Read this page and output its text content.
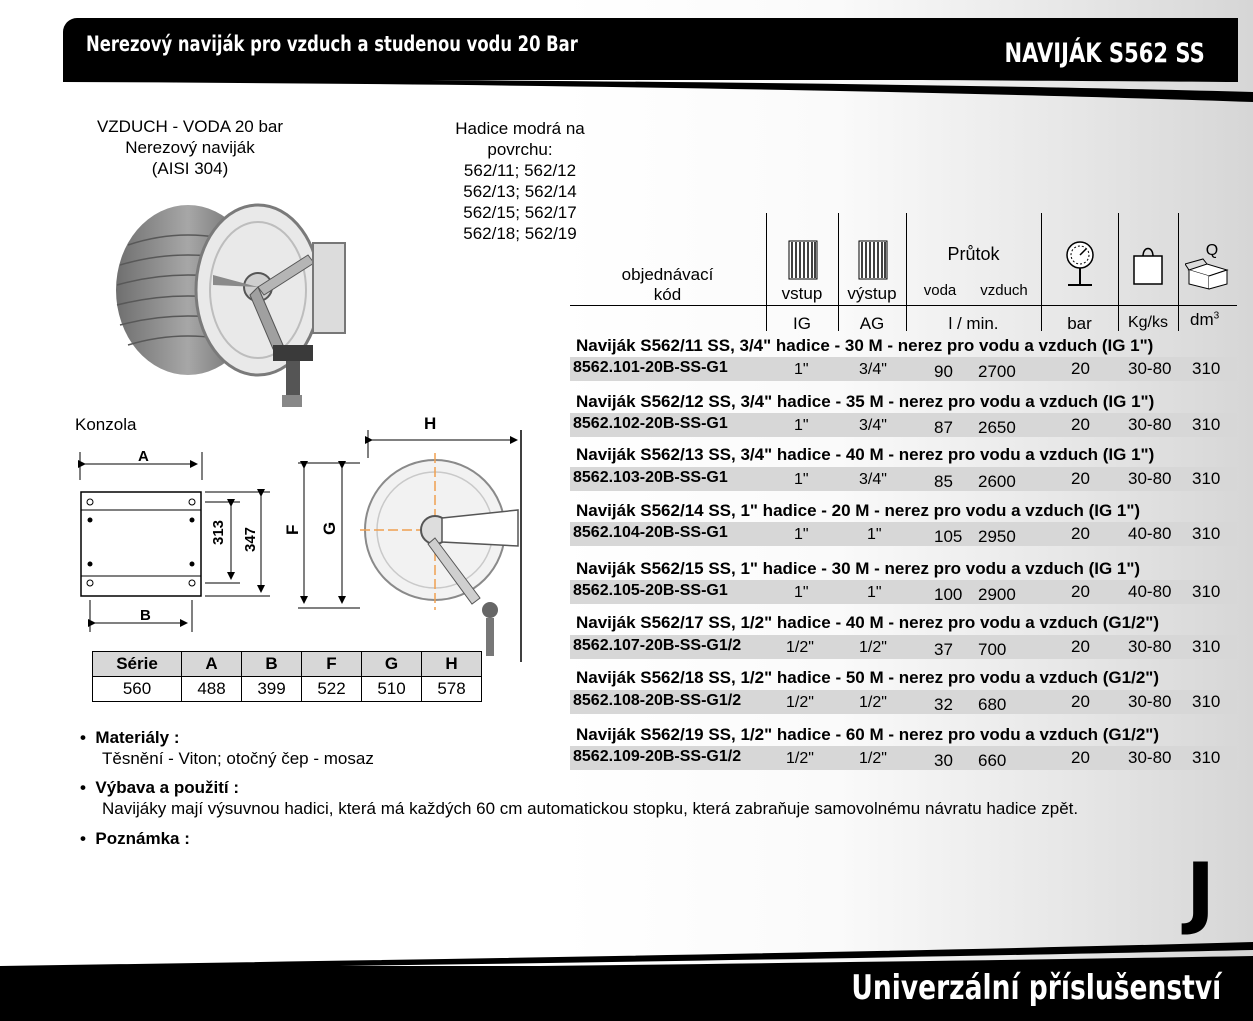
Nerezový naviják pro vzduch a studenou vodu 20 Bar	NAVIJÁK S562 SS
VZDUCH - VODA 20 bar
Nerezový naviják
(AISI 304)
Hadice modrá na
povrchu:
562/11; 562/12
562/13; 562/14
562/15; 562/17
562/18; 562/19
Konzola
A
B
313 347
H
F G
Série	A	B	F	G	H
560	488	399	522	510	578
objednávací
kód	vstup	výstup
Průtok
voda	vzduch
Q
IG	AG	l / min.	bar	Kg/ks	$dm^3$
Naviják S562/11 SS, 3/4" hadice - 30 M - nerez pro vodu a vzduch (IG 1")
8562.101-20B-SS-G1	1"	3/4"	90 2700	20 30-80 310
Naviják S562/12 SS, 3/4" hadice - 35 M - nerez pro vodu a vzduch (IG 1")
8562.102-20B-SS-G1	1"	3/4"	87 2650	20 30-80 310
Naviják S562/13 SS, 3/4" hadice - 40 M - nerez pro vodu a vzduch (IG 1")
8562.103-20B-SS-G1	1"	3/4"	85 2600	20 30-80 310
Naviják S562/14 SS, 1" hadice - 20 M - nerez pro vodu a vzduch (IG 1")
8562.104-20B-SS-G1	1"	1"	105 2950	20 40-80 310
Naviják S562/15 SS, 1" hadice - 30 M - nerez pro vodu a vzduch (IG 1")
8562.105-20B-SS-G1	1"	1"	100 2900	20 40-80 310
Naviják S562/17 SS, 1/2" hadice - 40 M - nerez pro vodu a vzduch (G1/2")
8562.107-20B-SS-G1/2	1/2"	1/2"	37 700	20 30-80 310
Naviják S562/18 SS, 1/2" hadice - 50 M - nerez pro vodu a vzduch (G1/2")
8562.108-20B-SS-G1/2	1/2"	1/2"	32 680	20 30-80 310
Naviják S562/19 SS, 1/2" hadice - 60 M - nerez pro vodu a vzduch (G1/2")
8562.109-20B-SS-G1/2	1/2"	1/2"	30 660	20 30-80 310
•  Materiály :
Těsnění - Viton; otočný čep - mosaz
•  Výbava a použití :
Navijáky mají výsuvnou hadici, která má každých 60 cm automatickou stopku, která zabraňuje samovolnému návratu hadice zpět.
•  Poznámka :
J
Univerzální příslušenství
